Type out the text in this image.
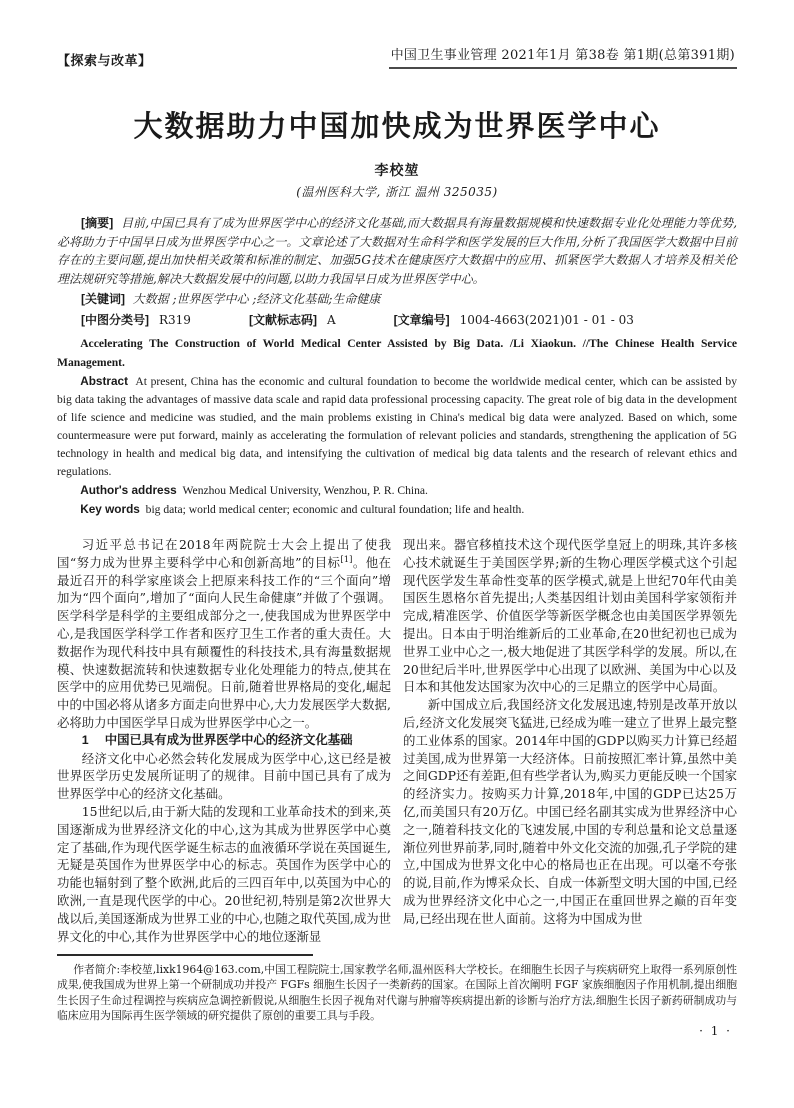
【探索与改革】	中国卫生事业管理 2021年1月 第38卷 第1期(总第391期)
大数据助力中国加快成为世界医学中心
李校堃
(温州医科大学, 浙江 温州 325035)

[摘要] 目前,中国已具有了成为世界医学中心的经济文化基础,而大数据具有海量数据规模和快速数据专业化处理能力等优势,必将助力于中国早日成为世界医学中心之一。文章论述了大数据对生命科学和医学发展的巨大作用,分析了我国医学大数据中目前存在的主要问题,提出加快相关政策和标准的制定、加强5G技术在健康医疗大数据中的应用、抓紧医学大数据人才培养及相关伦理法规研究等措施,解决大数据发展中的问题,以助力我国早日成为世界医学中心。

[关键词] 大数据 ;世界医学中心 ;经济文化基础;生命健康

[中图分类号] R319	[文献标志码] A	[文章编号] 1004-4663(2021)01 - 01 - 03

Accelerating The Construction of World Medical Center Assisted by Big Data. /Li Xiaokun. //The Chinese Health Service Management.

Abstract At present, China has the economic and cultural foundation to become the worldwide medical center, which can be assisted by big data taking the advantages of massive data scale and rapid data professional processing capacity. The great role of big data in the development of life science and medicine was studied, and the main problems existing in China's medical big data were analyzed. Based on which, some countermeasure were put forward, mainly as accelerating the formulation of relevant policies and standards, strengthening the application of 5G technology in health and medical big data, and intensifying the cultivation of medical big data talents and the research of relevant ethics and regulations.

Author's address Wenzhou Medical University, Wenzhou, P. R. China.

Key words big data; world medical center; economic and cultural foundation; life and health.

习近平总书记在2018年两院院士大会上提出了使我国“努力成为世界主要科学中心和创新高地”的目标[1]。他在最近召开的科学家座谈会上把原来科技工作的“三个面向”增加为“四个面向”,增加了“面向人民生命健康”并做了个强调。医学科学是科学的主要组成部分之一,使我国成为世界医学中心,是我国医学科学工作者和医疗卫生工作者的重大责任。大数据作为现代科技中具有颠覆性的科技技术,具有海量数据规模、快速数据流转和快速数据专业化处理能力的特点,使其在医学中的应用优势已见端倪。日前,随着世界格局的变化,崛起中的中国必将从诸多方面走向世界中心,大力发展医学大数据,必将助力中国医学早日成为世界医学中心之一。

1 中国已具有成为世界医学中心的经济文化基础

经济文化中心必然会转化发展成为医学中心,这已经是被世界医学历史发展所证明了的规律。目前中国已具有了成为世界医学中心的经济文化基础。

15世纪以后,由于新大陆的发现和工业革命技术的到来,英国逐渐成为世界经济文化的中心,这为其成为世界医学中心奠定了基础,作为现代医学诞生标志的血液循环学说在英国诞生,无疑是英国作为世界医学中心的标志。英国作为医学中心的功能也辐射到了整个欧洲,此后的三四百年中,以英国为中心的欧洲,一直是现代医学的中心。20世纪初,特别是第2次世界大战以后,美国逐渐成为世界工业的中心,也随之取代英国,成为世界文化的中心,其作为世界医学中心的地位逐渐显

现出来。器官移植技术这个现代医学皇冠上的明珠,其许多核心技术就诞生于美国医学界;新的生物心理医学模式这个引起现代医学发生革命性变革的医学模式,就是上世纪70年代由美国医生恩格尔首先提出;人类基因组计划由美国科学家领衔并完成,精准医学、价值医学等新医学概念也由美国医学界领先提出。日本由于明治维新后的工业革命,在20世纪初也已成为世界工业中心之一,极大地促进了其医学科学的发展。所以,在20世纪后半叶,世界医学中心出现了以欧洲、美国为中心以及日本和其他发达国家为次中心的三足鼎立的医学中心局面。

新中国成立后,我国经济文化发展迅速,特别是改革开放以后,经济文化发展突飞猛进,已经成为唯一建立了世界上最完整的工业体系的国家。2014年中国的GDP以购买力计算已经超过美国,成为世界第一大经济体。日前按照汇率计算,虽然中美之间GDP还有差距,但有些学者认为,购买力更能反映一个国家的经济实力。按购买力计算,2018年,中国的GDP已达25万亿,而美国只有20万亿。中国已经名副其实成为世界经济中心之一,随着科技文化的飞速发展,中国的专利总量和论文总量逐渐位列世界前茅,同时,随着中外文化交流的加强,孔子学院的建立,中国成为世界文化中心的格局也正在出现。可以毫不夸张的说,目前,作为博采众长、自成一体新型文明大国的中国,已经成为世界经济文化中心之一,中国正在重回世界之巅的百年变局,已经出现在世人面前。这将为中国成为世

作者简介:李校堃,lixk1964@163.com,中国工程院院士,国家教学名师,温州医科大学校长。在细胞生长因子与疾病研究上取得一系列原创性成果,使我国成为世界上第一个研制成功并投产 FGFs 细胞生长因子一类新药的国家。在国际上首次阐明 FGF 家族细胞因子作用机制,提出细胞生长因子生命过程调控与疾病应急调控新假说,从细胞生长因子视角对代谢与肿瘤等疾病提出新的诊断与治疗方法,细胞生长因子新药研制成功与临床应用为国际再生医学领域的研究提供了原创的重要工具与手段。
· 1 ·
